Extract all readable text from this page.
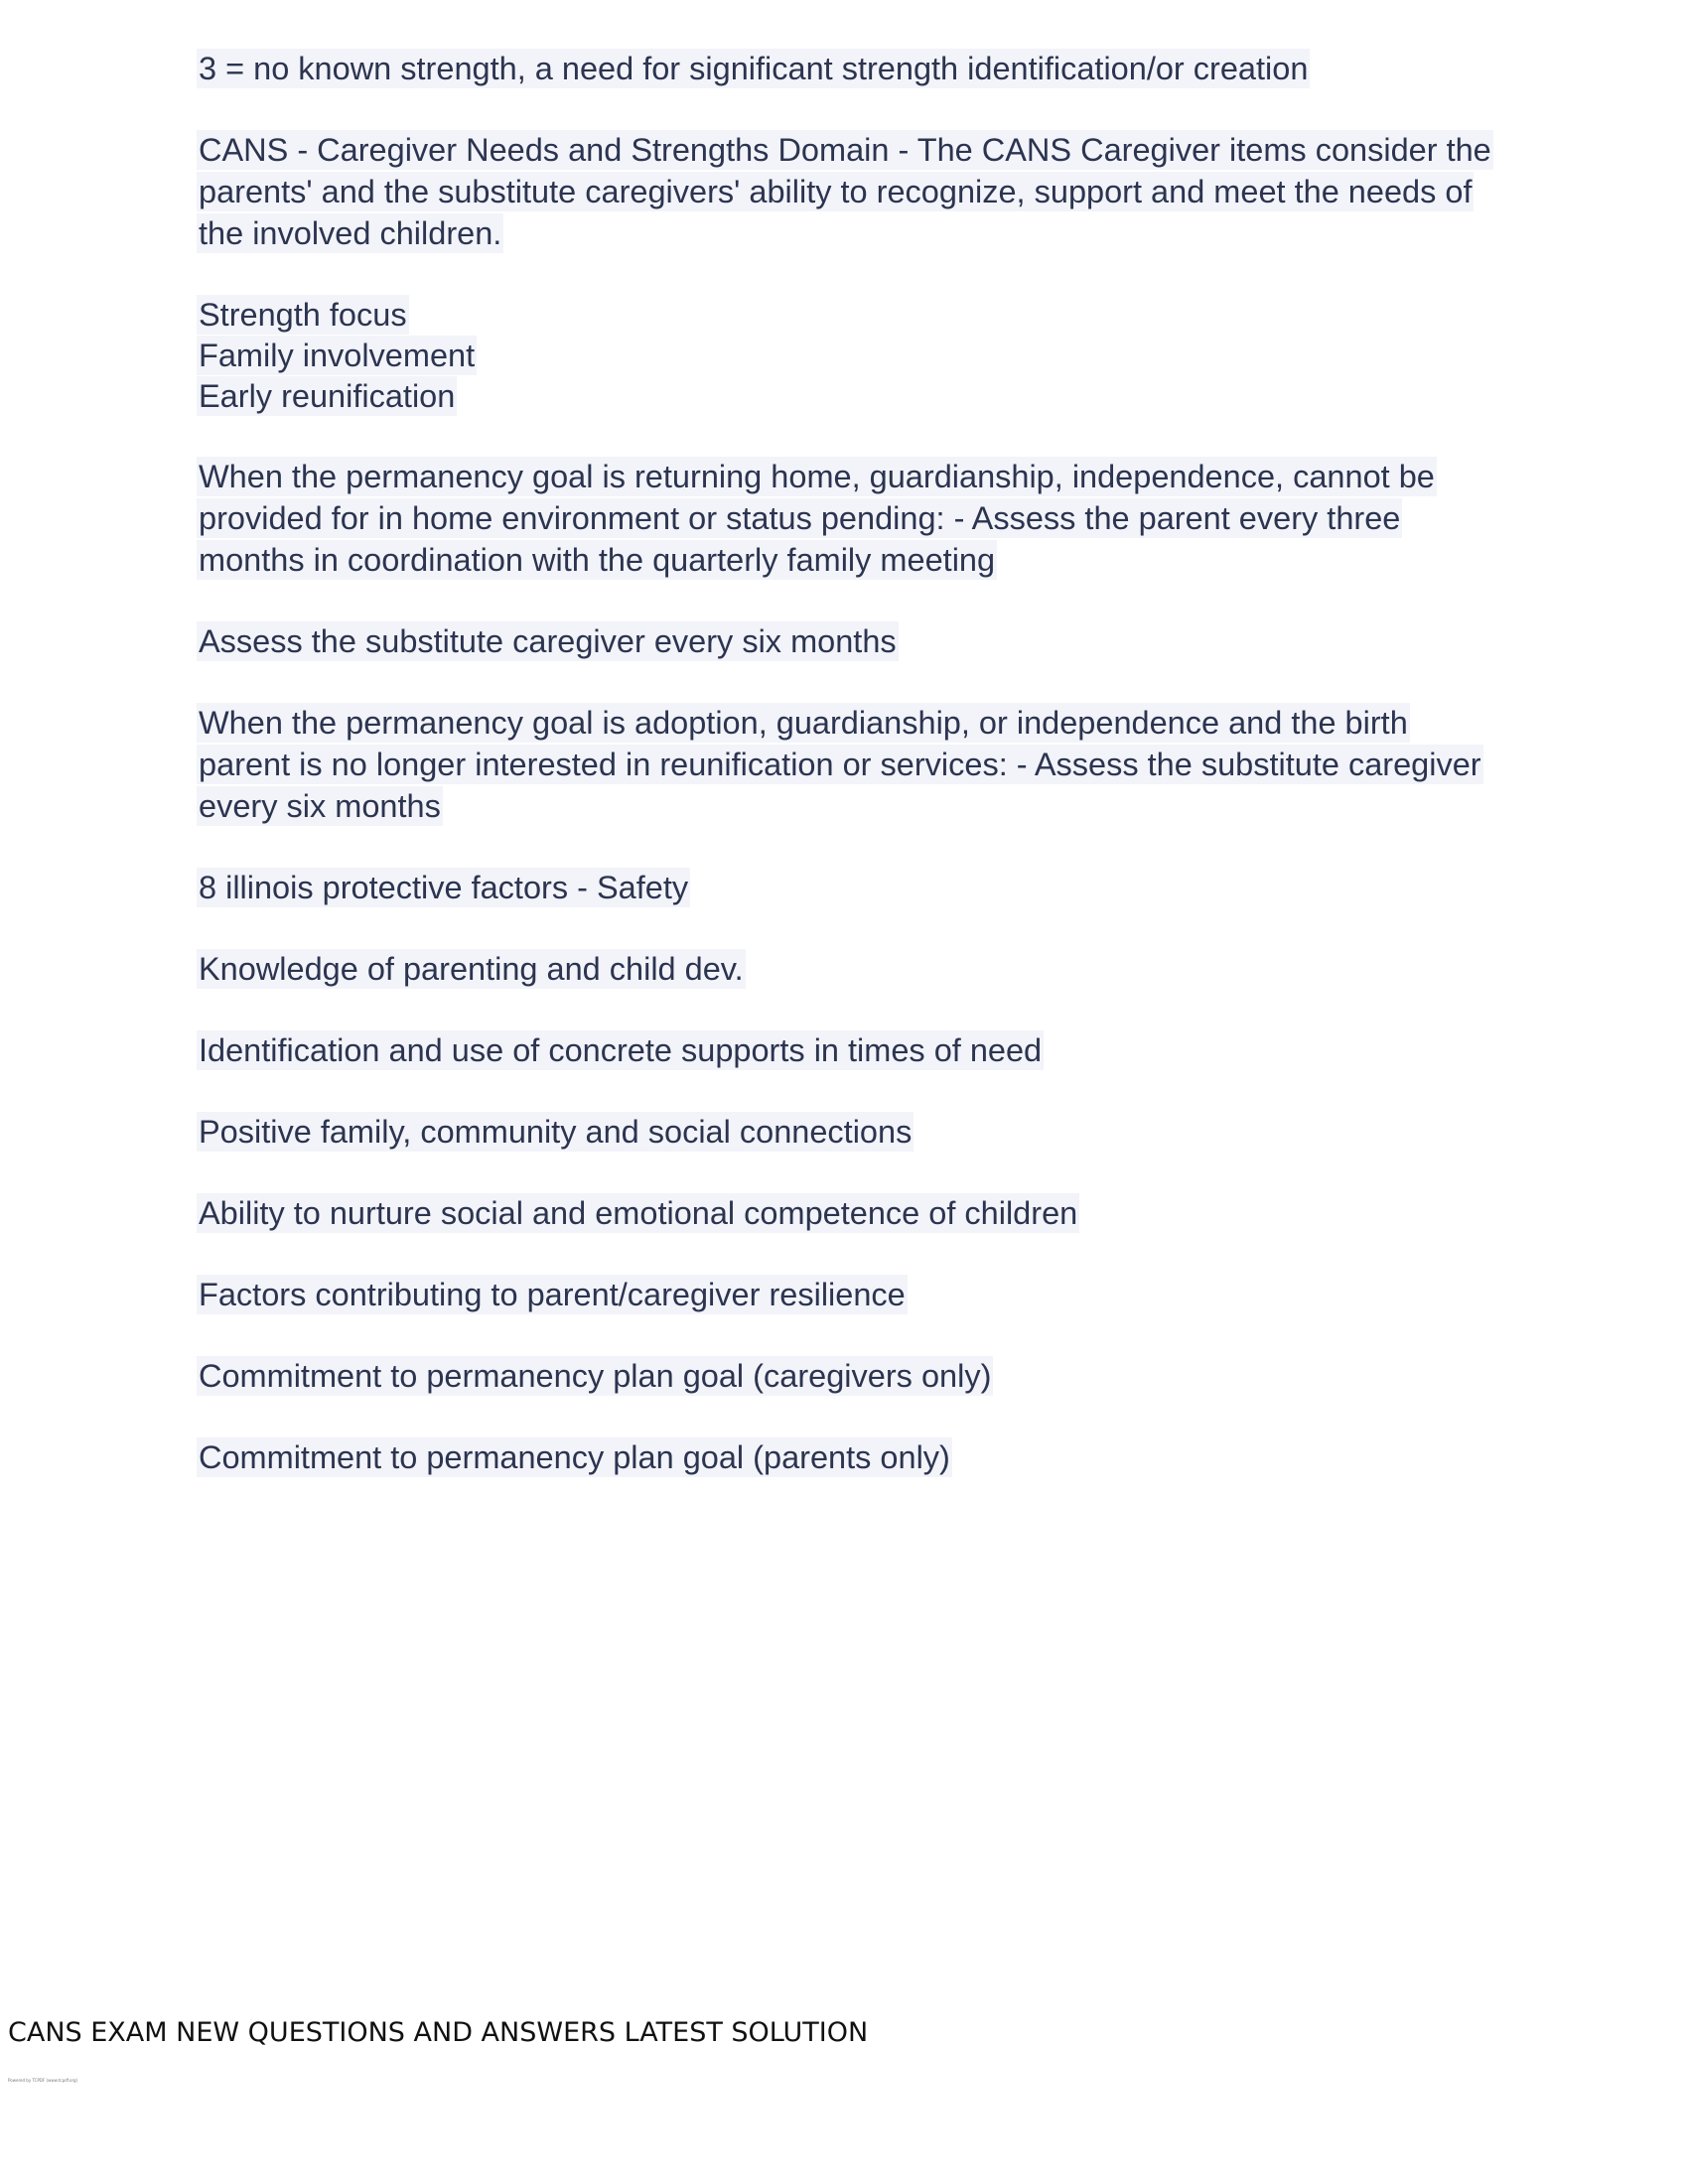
3 = no known strength, a need for significant strength identification/or creation
CANS - Caregiver Needs and Strengths Domain - The CANS Caregiver items consider the parents' and the substitute caregivers' ability to recognize, support and meet the needs of the involved children.
Strength focus
Family involvement
Early reunification
When the permanency goal is returning home, guardianship, independence, cannot be provided for in home environment or status pending: - Assess the parent every three months in coordination with the quarterly family meeting
Assess the substitute caregiver every six months
When the permanency goal is adoption, guardianship, or independence and the birth parent is no longer interested in reunification or services: - Assess the substitute caregiver every six months
8 illinois protective factors - Safety
Knowledge of parenting and child dev.
Identification and use of concrete supports in times of need
Positive family, community and social connections
Ability to nurture social and emotional competence of children
Factors contributing to parent/caregiver resilience
Commitment to permanency plan goal (caregivers only)
Commitment to permanency plan goal (parents only)
CANS EXAM NEW QUESTIONS AND ANSWERS LATEST SOLUTION
Powered by TCPDF (www.tcpdf.org)
